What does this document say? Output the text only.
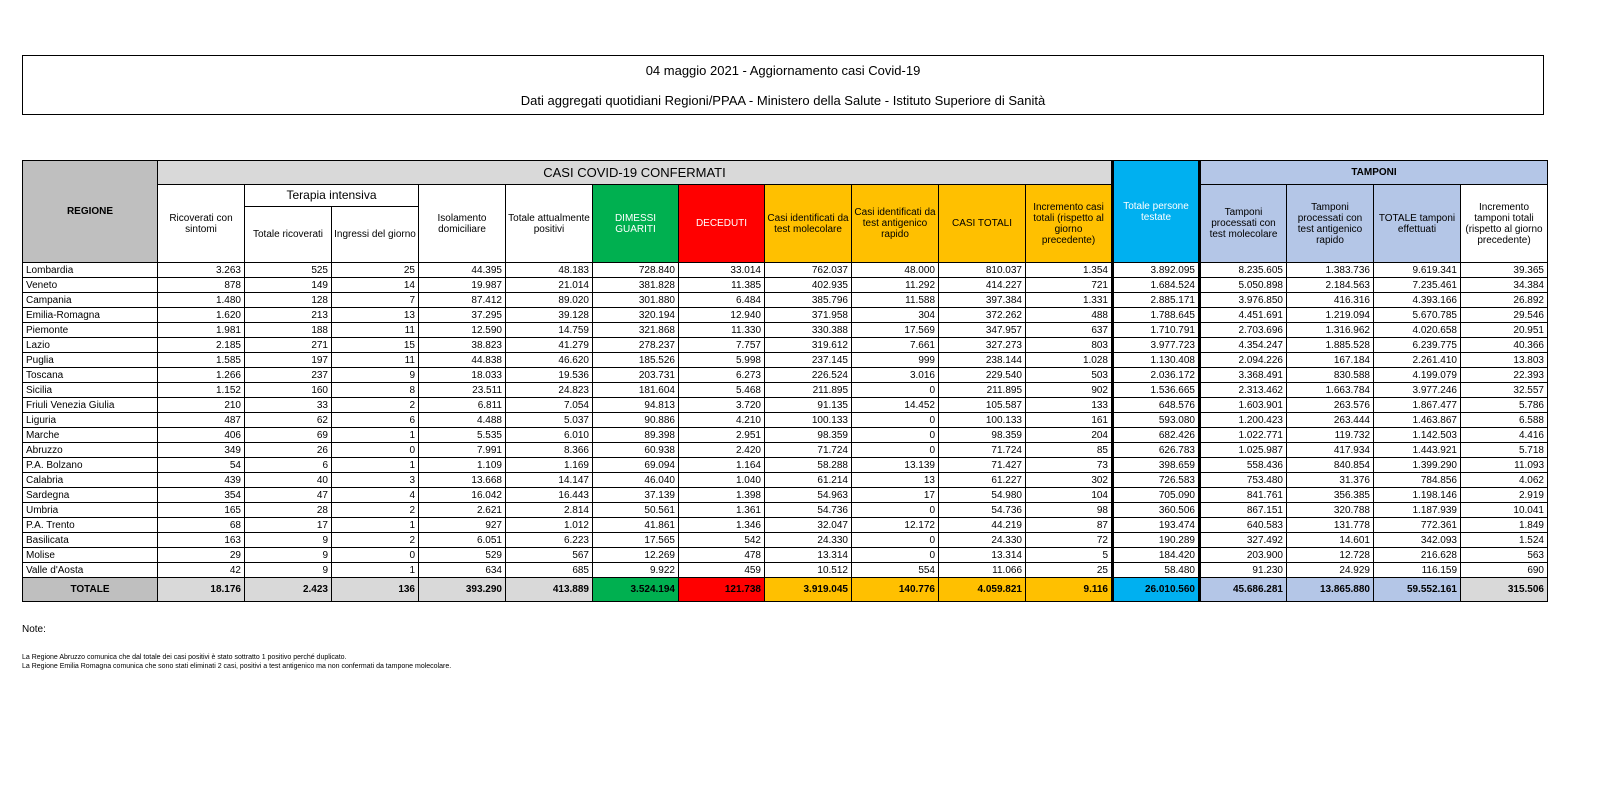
04 maggio 2021 - Aggiornamento casi Covid-19
Dati aggregati quotidiani Regioni/PPAA - Ministero della Salute - Istituto Superiore di Sanità
REGIONE	CASI COVID-19 CONFERMATI											Totale persone testate	TAMPONI			
	Ricoverati con sintomi	Terapia intensiva		Isolamento domiciliare	Totale attualmente positivi	DIMESSI GUARITI	DECEDUTI	Casi identificati da test molecolare	Casi identificati da test antigenico rapido	CASI TOTALI	Incremento casi totali (rispetto al giorno precedente)		Tamponi processati con test molecolare	Tamponi processati con test antigenico rapido	TOTALE tamponi effettuati	Incremento tamponi totali (rispetto al giorno precedente)
		Totale ricoverati	Ingressi del giorno													
Lombardia	3.263	525	25	44.395	48.183	728.840	33.014	762.037	48.000	810.037	1.354	3.892.095	8.235.605	1.383.736	9.619.341	39.365
Veneto	878	149	14	19.987	21.014	381.828	11.385	402.935	11.292	414.227	721	1.684.524	5.050.898	2.184.563	7.235.461	34.384
Campania	1.480	128	7	87.412	89.020	301.880	6.484	385.796	11.588	397.384	1.331	2.885.171	3.976.850	416.316	4.393.166	26.892
Emilia-Romagna	1.620	213	13	37.295	39.128	320.194	12.940	371.958	304	372.262	488	1.788.645	4.451.691	1.219.094	5.670.785	29.546
Piemonte	1.981	188	11	12.590	14.759	321.868	11.330	330.388	17.569	347.957	637	1.710.791	2.703.696	1.316.962	4.020.658	20.951
Lazio	2.185	271	15	38.823	41.279	278.237	7.757	319.612	7.661	327.273	803	3.977.723	4.354.247	1.885.528	6.239.775	40.366
Puglia	1.585	197	11	44.838	46.620	185.526	5.998	237.145	999	238.144	1.028	1.130.408	2.094.226	167.184	2.261.410	13.803
Toscana	1.266	237	9	18.033	19.536	203.731	6.273	226.524	3.016	229.540	503	2.036.172	3.368.491	830.588	4.199.079	22.393
Sicilia	1.152	160	8	23.511	24.823	181.604	5.468	211.895	0	211.895	902	1.536.665	2.313.462	1.663.784	3.977.246	32.557
Friuli Venezia Giulia	210	33	2	6.811	7.054	94.813	3.720	91.135	14.452	105.587	133	648.576	1.603.901	263.576	1.867.477	5.786
Liguria	487	62	6	4.488	5.037	90.886	4.210	100.133	0	100.133	161	593.080	1.200.423	263.444	1.463.867	6.588
Marche	406	69	1	5.535	6.010	89.398	2.951	98.359	0	98.359	204	682.426	1.022.771	119.732	1.142.503	4.416
Abruzzo	349	26	0	7.991	8.366	60.938	2.420	71.724	0	71.724	85	626.783	1.025.987	417.934	1.443.921	5.718
P.A. Bolzano	54	6	1	1.109	1.169	69.094	1.164	58.288	13.139	71.427	73	398.659	558.436	840.854	1.399.290	11.093
Calabria	439	40	3	13.668	14.147	46.040	1.040	61.214	13	61.227	302	726.583	753.480	31.376	784.856	4.062
Sardegna	354	47	4	16.042	16.443	37.139	1.398	54.963	17	54.980	104	705.090	841.761	356.385	1.198.146	2.919
Umbria	165	28	2	2.621	2.814	50.561	1.361	54.736	0	54.736	98	360.506	867.151	320.788	1.187.939	10.041
P.A. Trento	68	17	1	927	1.012	41.861	1.346	32.047	12.172	44.219	87	193.474	640.583	131.778	772.361	1.849
Basilicata	163	9	2	6.051	6.223	17.565	542	24.330	0	24.330	72	190.289	327.492	14.601	342.093	1.524
Molise	29	9	0	529	567	12.269	478	13.314	0	13.314	5	184.420	203.900	12.728	216.628	563
Valle d'Aosta	42	9	1	634	685	9.922	459	10.512	554	11.066	25	58.480	91.230	24.929	116.159	690
TOTALE	18.176	2.423	136	393.290	413.889	3.524.194	121.738	3.919.045	140.776	4.059.821	9.116	26.010.560	45.686.281	13.865.880	59.552.161	315.506
Note:
La Regione Abruzzo comunica che dal totale dei casi positivi è stato sottratto 1 positivo perché duplicato.
La Regione Emilia Romagna comunica che sono stati eliminati 2 casi, positivi a test antigenico ma non confermati da tampone molecolare.
